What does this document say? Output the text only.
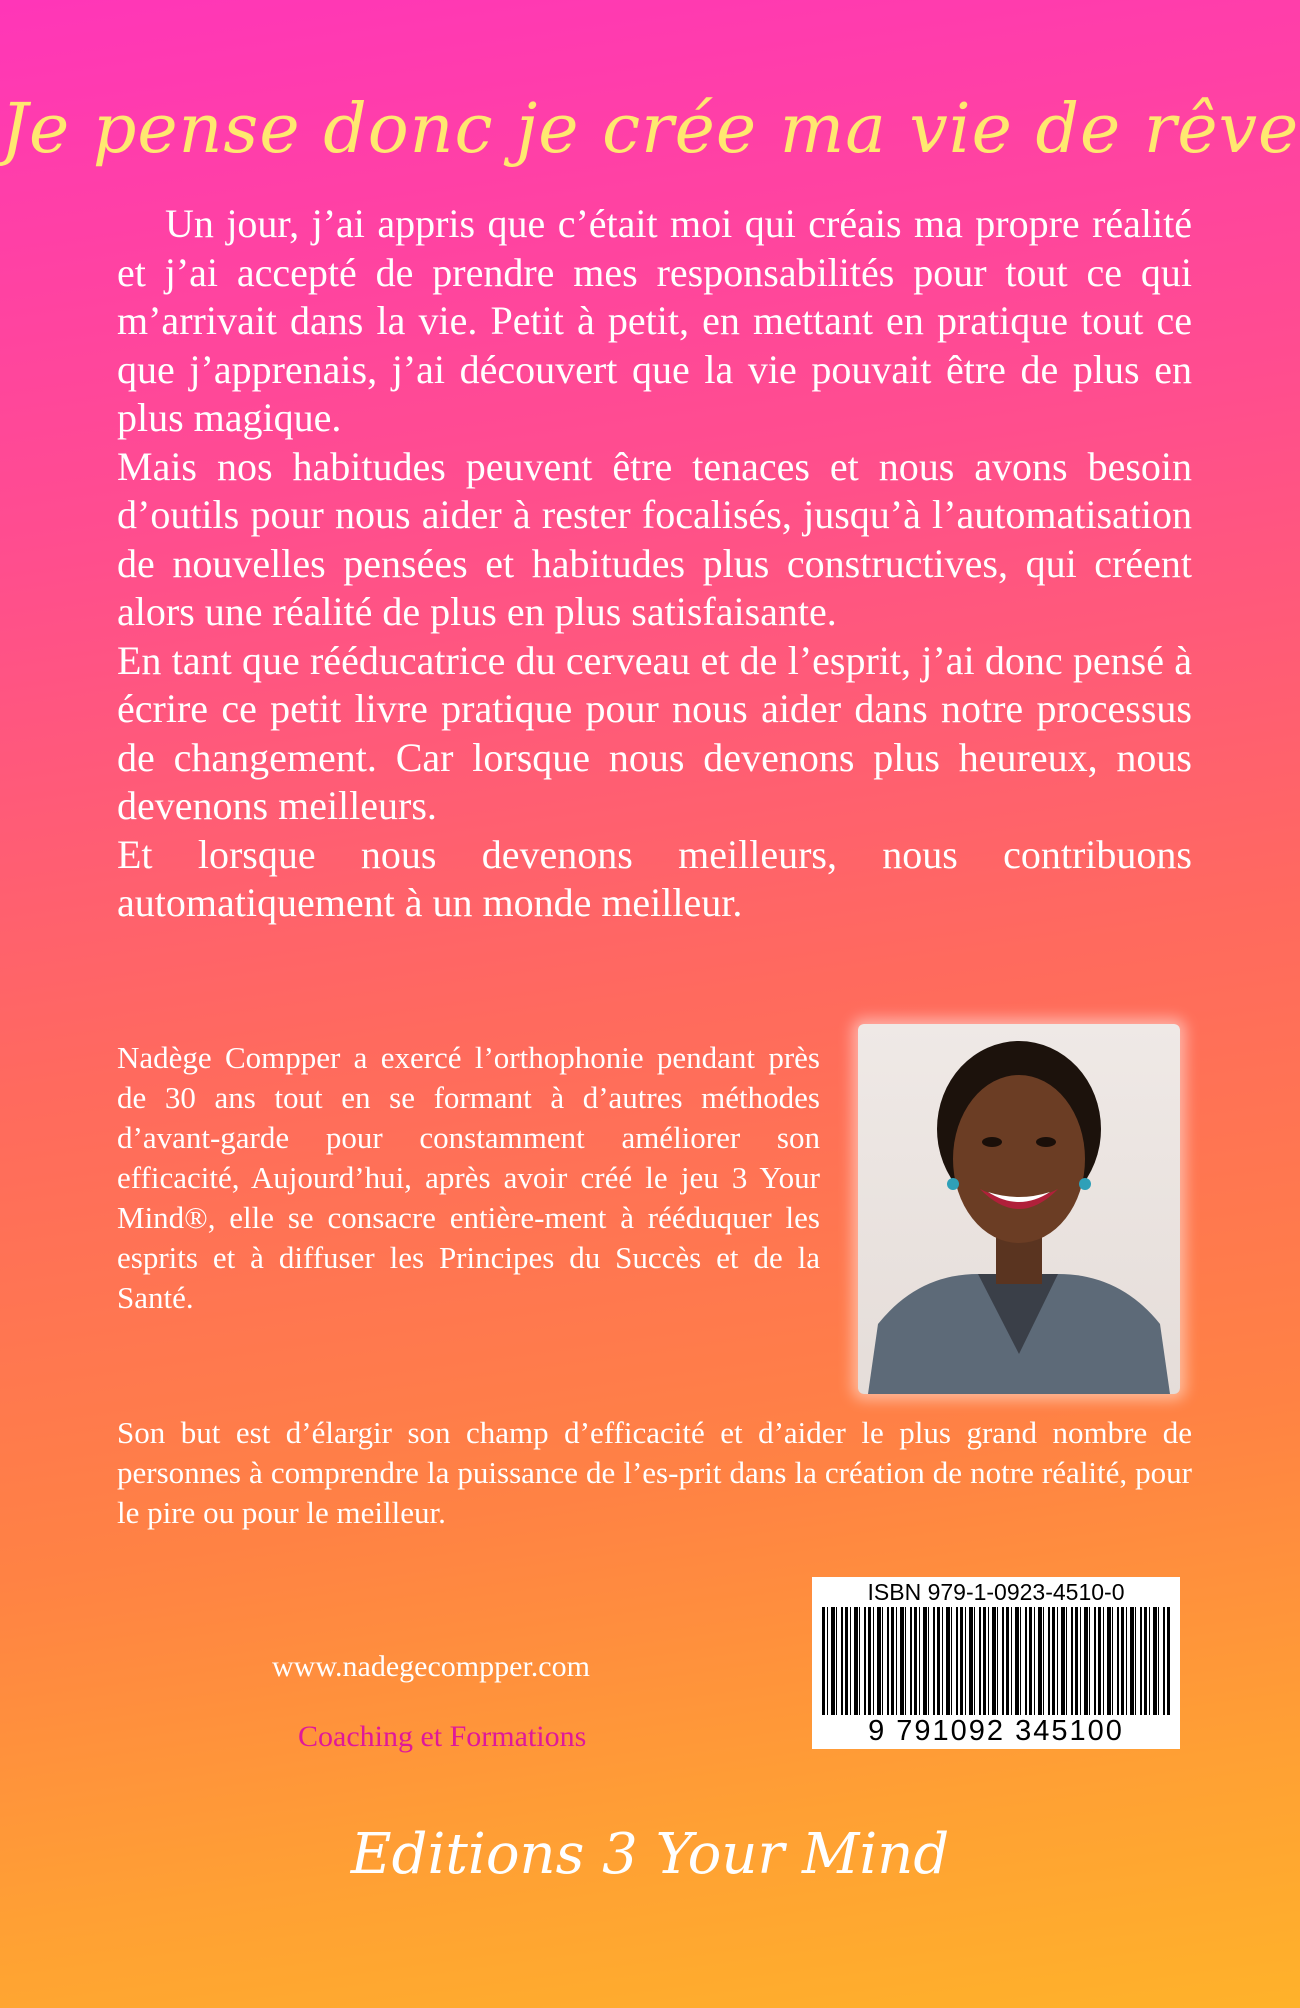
Je pense donc je crée ma vie de rêve

Un jour, j’ai appris que c’était moi qui créais ma propre réalité et j’ai accepté de prendre mes responsabilités pour tout ce qui m’arrivait dans la vie. Petit à petit, en mettant en pratique tout ce que j’apprenais, j’ai découvert que la vie pouvait être de plus en plus magique.

Mais nos habitudes peuvent être tenaces et nous avons besoin d’outils pour nous aider à rester focalisés, jusqu’à l’automatisation de nouvelles pensées et habitudes plus constructives, qui créent alors une réalité de plus en plus satisfaisante.

En tant que rééducatrice du cerveau et de l’esprit, j’ai donc pensé à écrire ce petit livre pratique pour nous aider dans notre processus de changement. Car lorsque nous devenons plus heureux, nous devenons meilleurs.

Et lorsque nous devenons meilleurs, nous contribuons automatiquement à un monde meilleur.

Nadège Compper a exercé l’orthophonie pendant près de 30 ans tout en se formant à d’autres méthodes d’avant-garde pour constamment améliorer son efficacité, Aujourd’hui, après avoir créé le jeu 3 Your Mind®, elle se consacre entière-ment à rééduquer les esprits et à diffuser les Principes du Succès et de la Santé.

Son but est d’élargir son champ d’efficacité et d’aider le plus grand nombre de personnes à comprendre la puissance de l’es-prit dans la création de notre réalité, pour le pire ou pour le meilleur.

ISBN 979-1-0923-4510-0
9 791092 345100
www.nadegecompper.com
Coaching et Formations
Editions 3 Your Mind
